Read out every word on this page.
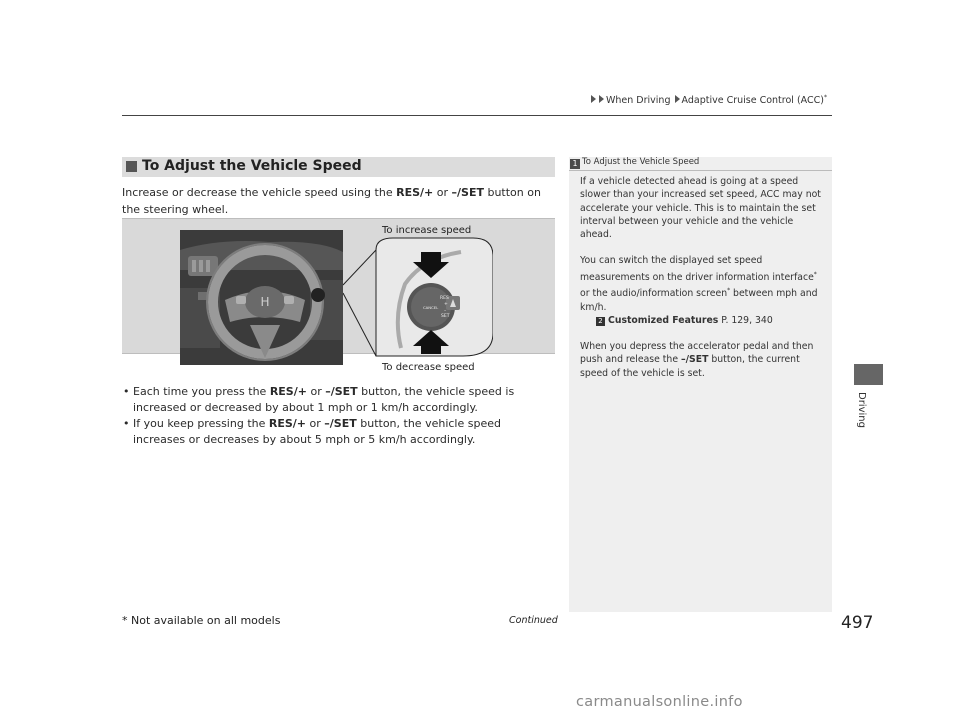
When Driving Adaptive Cruise Control (ACC)*
To Adjust the Vehicle Speed
Increase or decrease the vehicle speed using the RES/+ or –/SET button on the steering wheel.
H	RES
+
CANCEL
–
SET
To increase speed
To decrease speed
• Each time you press the RES/+ or –/SET button, the vehicle speed is increased or decreased by about 1 mph or 1 km/h accordingly.
• If you keep pressing the RES/+ or –/SET button, the vehicle speed increases or decreases by about 5 mph or 5 km/h accordingly.
1 To Adjust the Vehicle Speed

If a vehicle detected ahead is going at a speed slower than your increased set speed, ACC may not accelerate your vehicle. This is to maintain the set interval between your vehicle and the vehicle ahead.

You can switch the displayed set speed measurements on the driver information interface* or the audio/information screen* between mph and km/h.
2 Customized Features P. 129, 340

When you depress the accelerator pedal and then push and release the –/SET button, the current speed of the vehicle is set.

Driving
* Not available on all models	Continued	497
carmanualsonline.info
